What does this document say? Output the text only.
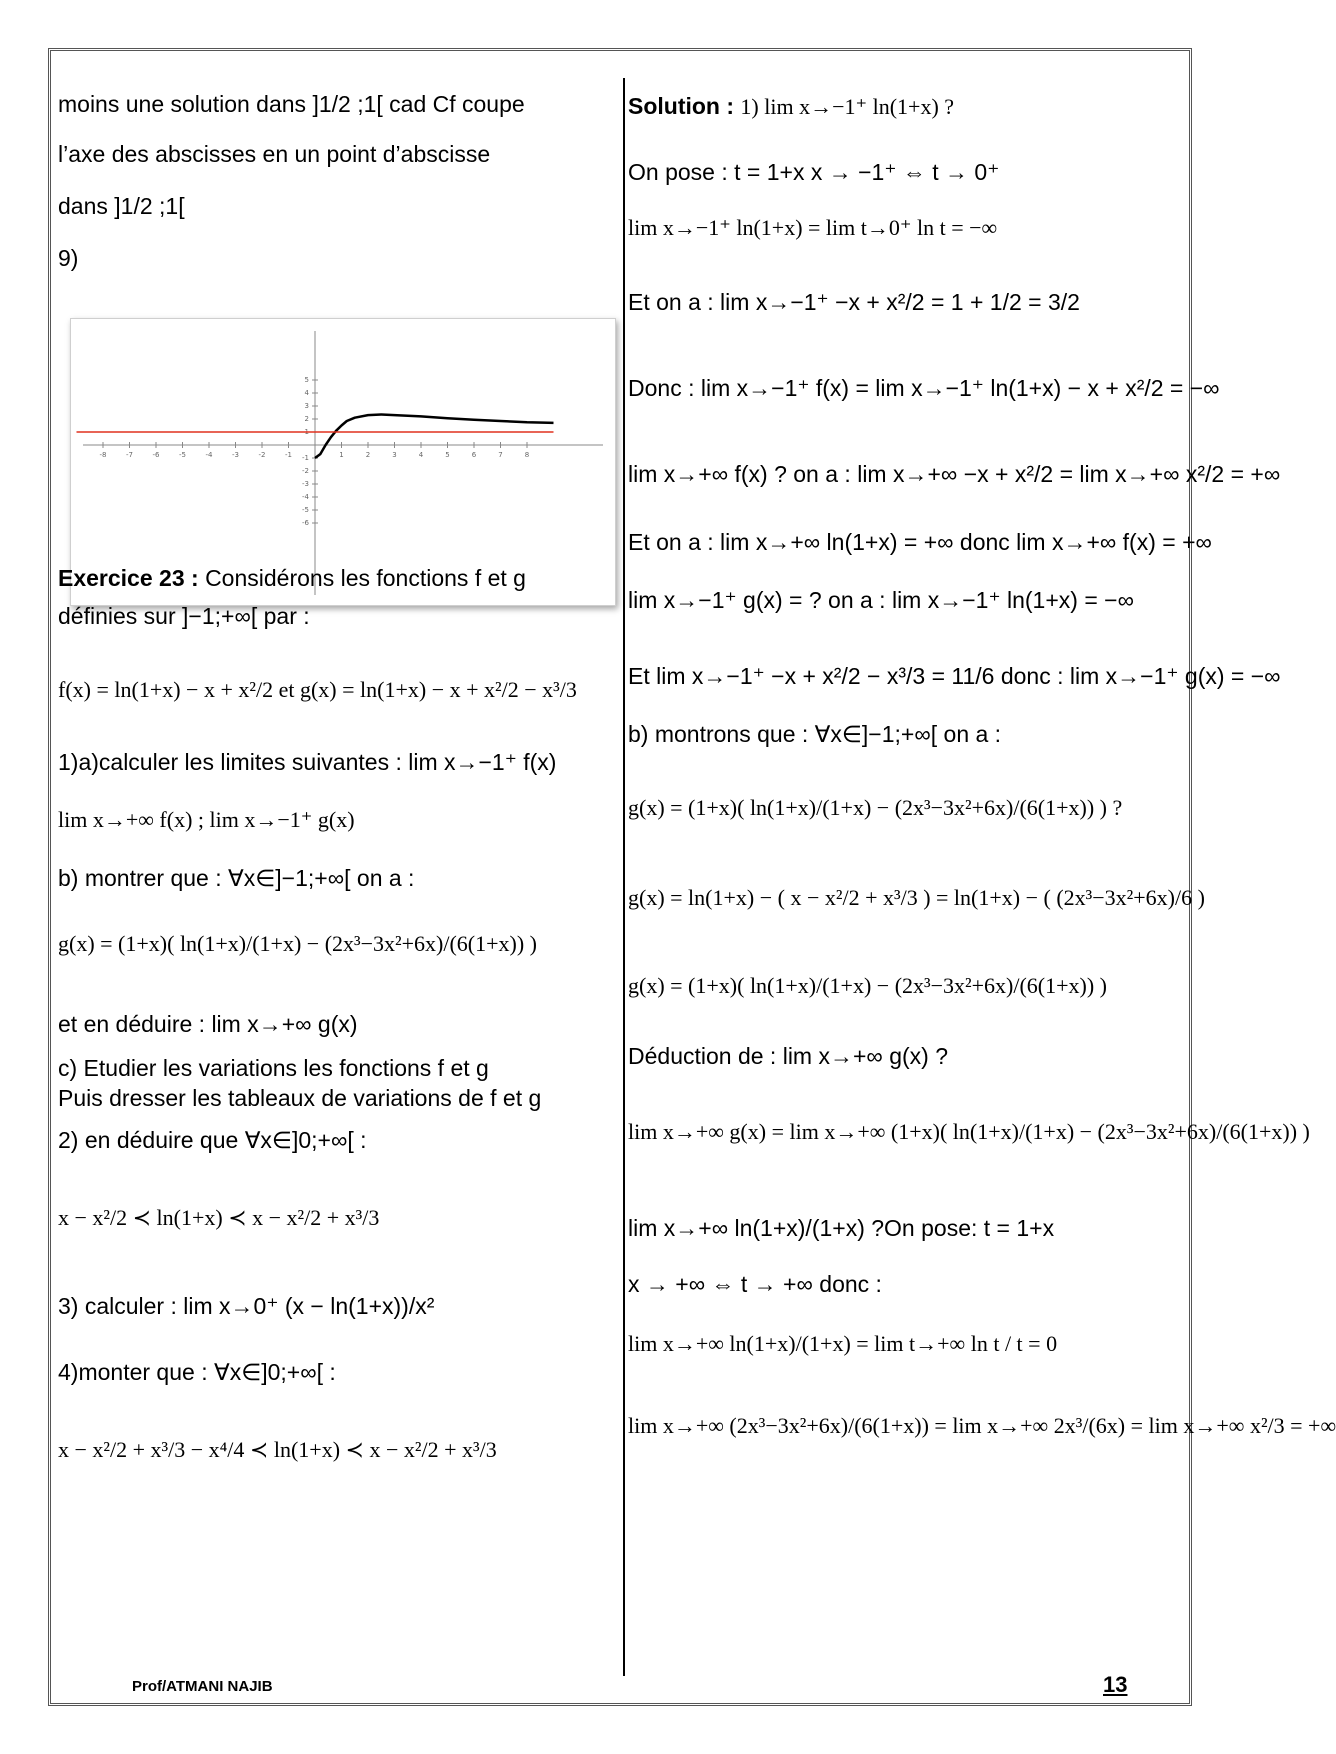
moins une solution dans ]1/2 ;1[ cad Cf coupe
l’axe des abscisses en un point d’abscisse
dans ]1/2 ;1[
9)
-8	-7	-6	-5	-4	-3	-2	-1	1	2	3	4	5	6	7	8
-6
-5
-4
-3
-2
-1
1
2
3
4
5
Exercice 23 : Considérons les fonctions f et g
définies sur ]−1;+∞[ par :
f(x) = ln(1+x) − x + x²/2 et g(x) = ln(1+x) − x + x²/2 − x³/3
1)a)calculer les limites suivantes : lim x→−1⁺ f(x)
lim x→+∞ f(x) ; lim x→−1⁺ g(x)
b) montrer que : ∀x∈]−1;+∞[ on a :
g(x) = (1+x)( ln(1+x)/(1+x) − (2x³−3x²+6x)/(6(1+x)) )
et en déduire : lim x→+∞ g(x)
c) Etudier les variations les fonctions f et g
Puis dresser les tableaux de variations de f et g
2) en déduire que ∀x∈]0;+∞[ :
x − x²/2 ≺ ln(1+x) ≺ x − x²/2 + x³/3
3) calculer : lim x→0⁺ (x − ln(1+x))/x²
4)monter que : ∀x∈]0;+∞[ :
x − x²/2 + x³/3 − x⁴/4 ≺ ln(1+x) ≺ x − x²/2 + x³/3
Solution : 1) lim x→−1⁺ ln(1+x) ?
On pose : t = 1+x x → −1⁺ ⇔ t → 0⁺
lim x→−1⁺ ln(1+x) = lim t→0⁺ ln t = −∞
Et on a : lim x→−1⁺ −x + x²/2 = 1 + 1/2 = 3/2
Donc : lim x→−1⁺ f(x) = lim x→−1⁺ ln(1+x) − x + x²/2 = −∞
lim x→+∞ f(x) ? on a : lim x→+∞ −x + x²/2 = lim x→+∞ x²/2 = +∞
Et on a : lim x→+∞ ln(1+x) = +∞ donc lim x→+∞ f(x) = +∞
lim x→−1⁺ g(x) = ? on a : lim x→−1⁺ ln(1+x) = −∞
Et lim x→−1⁺ −x + x²/2 − x³/3 = 11/6 donc : lim x→−1⁺ g(x) = −∞
b) montrons que : ∀x∈]−1;+∞[ on a :
g(x) = (1+x)( ln(1+x)/(1+x) − (2x³−3x²+6x)/(6(1+x)) ) ?
g(x) = ln(1+x) − ( x − x²/2 + x³/3 ) = ln(1+x) − ( (2x³−3x²+6x)/6 )
g(x) = (1+x)( ln(1+x)/(1+x) − (2x³−3x²+6x)/(6(1+x)) )
Déduction de : lim x→+∞ g(x) ?
lim x→+∞ g(x) = lim x→+∞ (1+x)( ln(1+x)/(1+x) − (2x³−3x²+6x)/(6(1+x)) )
lim x→+∞ ln(1+x)/(1+x) ?On pose: t = 1+x
x → +∞ ⇔ t → +∞ donc :
lim x→+∞ ln(1+x)/(1+x) = lim t→+∞ ln t / t = 0
lim x→+∞ (2x³−3x²+6x)/(6(1+x)) = lim x→+∞ 2x³/(6x) = lim x→+∞ x²/3 = +∞
Prof/ATMANI NAJIB	13
